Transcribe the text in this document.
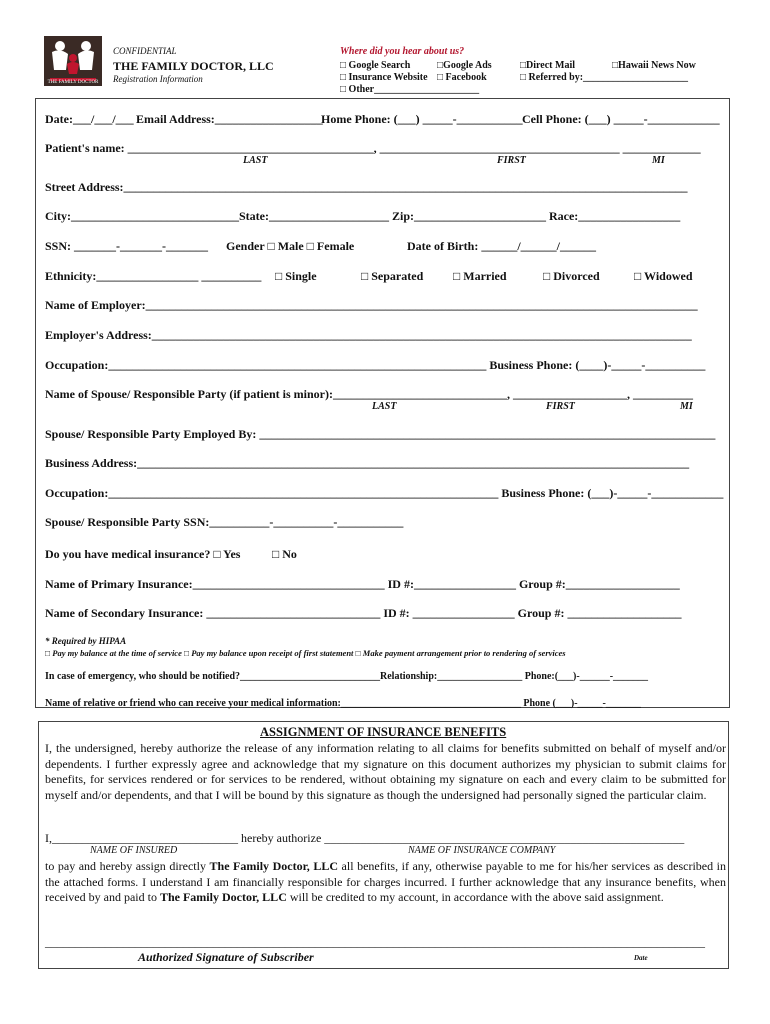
THE FAMILY DOCTOR
CONFIDENTIAL
THE FAMILY DOCTOR, LLC
Registration Information
Where did you hear about us?
□ Google Search	□Google Ads	□Direct Mail	□Hawaii News Now
□ Insurance Website □ Facebook	□ Referred by:_____________________
□ Other_____________________
Date:___/___/___ Email Address:__________________
Home Phone: (___) _____-___________ Cell Phone: (___) _____-____________
Patient's name: _________________________________________, ________________________________________ _____________
LAST	FIRST	MI
Street Address:______________________________________________________________________________________________
City:____________________________State:____________________ Zip:______________________ Race:_________________
SSN: _______-_______-_______ Gender □ Male □ Female	Date of Birth: ______/______/______
Ethnicity:_________________ __________ □ Single	□ Separated □ Married	□ Divorced	□ Widowed
Name of Employer:____________________________________________________________________________________________
Employer's Address:__________________________________________________________________________________________
Occupation:_______________________________________________________________ Business Phone: (____)-_____-__________
Name of Spouse/ Responsible Party (if patient is minor):_____________________________, ___________________, __________
LAST	FIRST	MI
Spouse/ Responsible Party Employed By: ____________________________________________________________________________
Business Address:____________________________________________________________________________________________
Occupation:_________________________________________________________________ Business Phone: (___)-_____-____________
Spouse/ Responsible Party SSN:__________-__________-___________
Do you have medical insurance? □ Yes	□ No
Name of Primary Insurance:________________________________ ID #:_________________ Group #:___________________
Name of Secondary Insurance: _____________________________ ID #: _________________ Group #: ___________________
* Required by HIPAA
□ Pay my balance at the time of service □ Pay my balance upon receipt of first statement □ Make payment arrangement prior to rendering of services
In case of emergency, who should be notified?____________________________Relationship:_________________ Phone:(___)-______-_______
Name of relative or friend who can receive your medical information:____________________________________ Phone (___)-_____-_______
ASSIGNMENT OF INSURANCE BENEFITS
I, the undersigned, hereby authorize the release of any information relating to all claims for benefits submitted on behalf of myself and/or dependents. I further expressly agree and acknowledge that my signature on this document authorizes my physician to submit claims for benefits, for services rendered or for services to be rendered, without obtaining my signature on each and every claim to be submitted for myself and/or dependents, and that I will be bound by this signature as though the undersigned had personally signed the particular claim.
I,_______________________________ hereby authorize ____________________________________________________________
NAME OF INSURED	NAME OF INSURANCE COMPANY
to pay and hereby assign directly The Family Doctor, LLC all benefits, if any, otherwise payable to me for his/her services as described in the attached forms. I understand I am financially responsible for charges incurred. I further acknowledge that any insurance benefits, when received by and paid to The Family Doctor, LLC will be credited to my account, in accordance with the above said assignment.
______________________________________________________________________________________________________________
Authorized Signature of Subscriber	Date
